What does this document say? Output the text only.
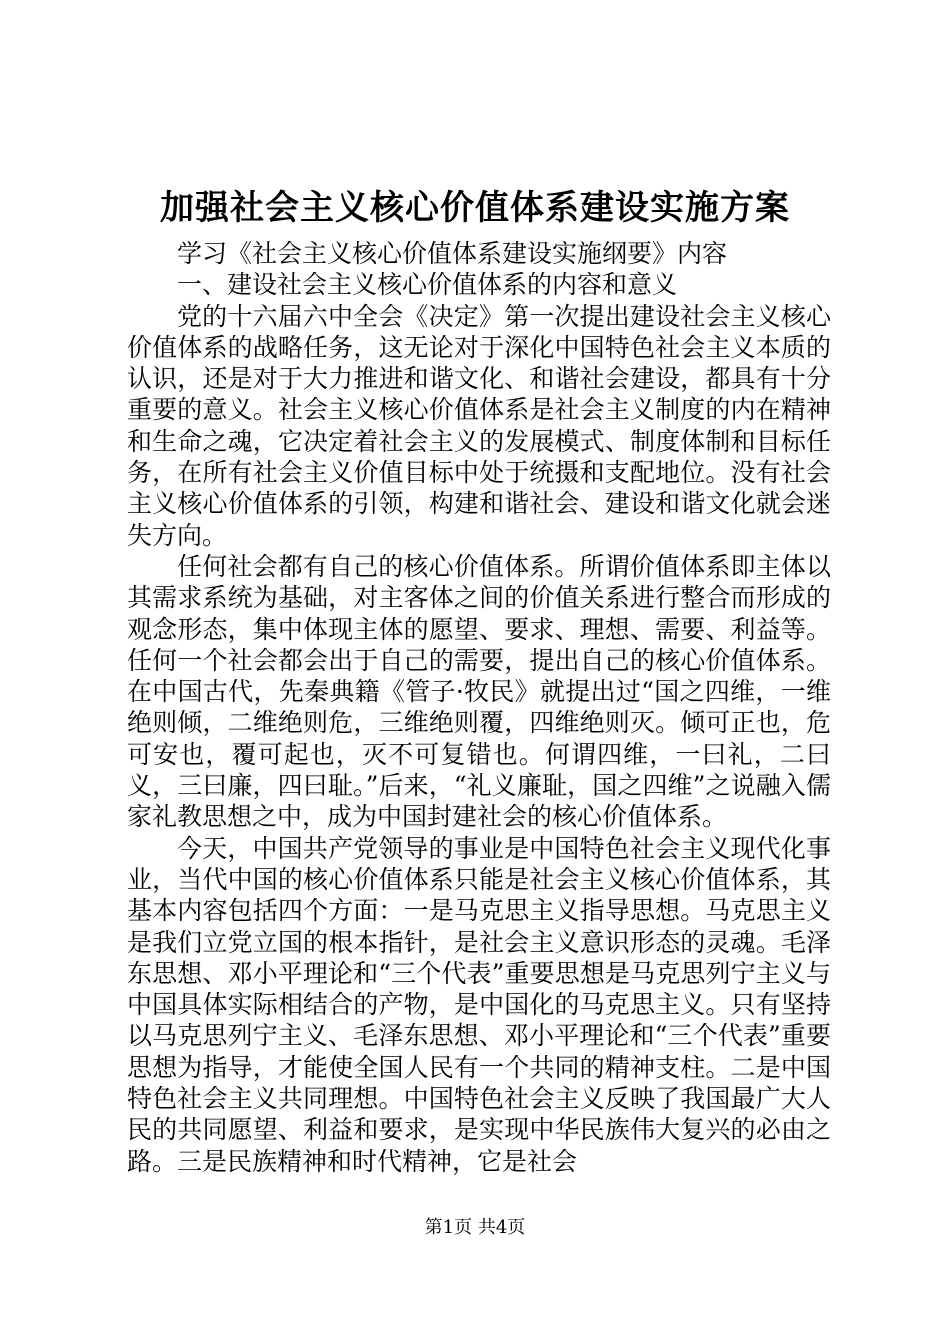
加强社会主义核心价值体系建设实施方案

学习《社会主义核心价值体系建设实施纲要》内容

一、建设社会主义核心价值体系的内容和意义

党的十六届六中全会《决定》第一次提出建设社会主义核心价值体系的战略任务，这无论对于深化中国特色社会主义本质的认识，还是对于大力推进和谐文化、和谐社会建设，都具有十分重要的意义。社会主义核心价值体系是社会主义制度的内在精神和生命之魂，它决定着社会主义的发展模式、制度体制和目标任务，在所有社会主义价值目标中处于统摄和支配地位。没有社会主义核心价值体系的引领，构建和谐社会、建设和谐文化就会迷失方向。

任何社会都有自己的核心价值体系。所谓价值体系即主体以其需求系统为基础，对主客体之间的价值关系进行整合而形成的观念形态，集中体现主体的愿望、要求、理想、需要、利益等。任何一个社会都会出于自己的需要，提出自己的核心价值体系。在中国古代，先秦典籍《管子·牧民》就提出过“国之四维，一维绝则倾，二维绝则危，三维绝则覆，四维绝则灭。倾可正也，危可安也，覆可起也，灭不可复错也。何谓四维，一曰礼，二曰义，三曰廉，四曰耻。”后来，“礼义廉耻，国之四维”之说融入儒家礼教思想之中，成为中国封建社会的核心价值体系。

今天，中国共产党领导的事业是中国特色社会主义现代化事业，当代中国的核心价值体系只能是社会主义核心价值体系，其基本内容包括四个方面：一是马克思主义指导思想。马克思主义是我们立党立国的根本指针，是社会主义意识形态的灵魂。毛泽东思想、邓小平理论和“三个代表”重要思想是马克思列宁主义与中国具体实际相结合的产物，是中国化的马克思主义。只有坚持以马克思列宁主义、毛泽东思想、邓小平理论和“三个代表”重要思想为指导，才能使全国人民有一个共同的精神支柱。二是中国特色社会主义共同理想。中国特色社会主义反映了我国最广大人民的共同愿望、利益和要求，是实现中华民族伟大复兴的必由之路。三是民族精神和时代精神，它是社会

第1页 共4页
